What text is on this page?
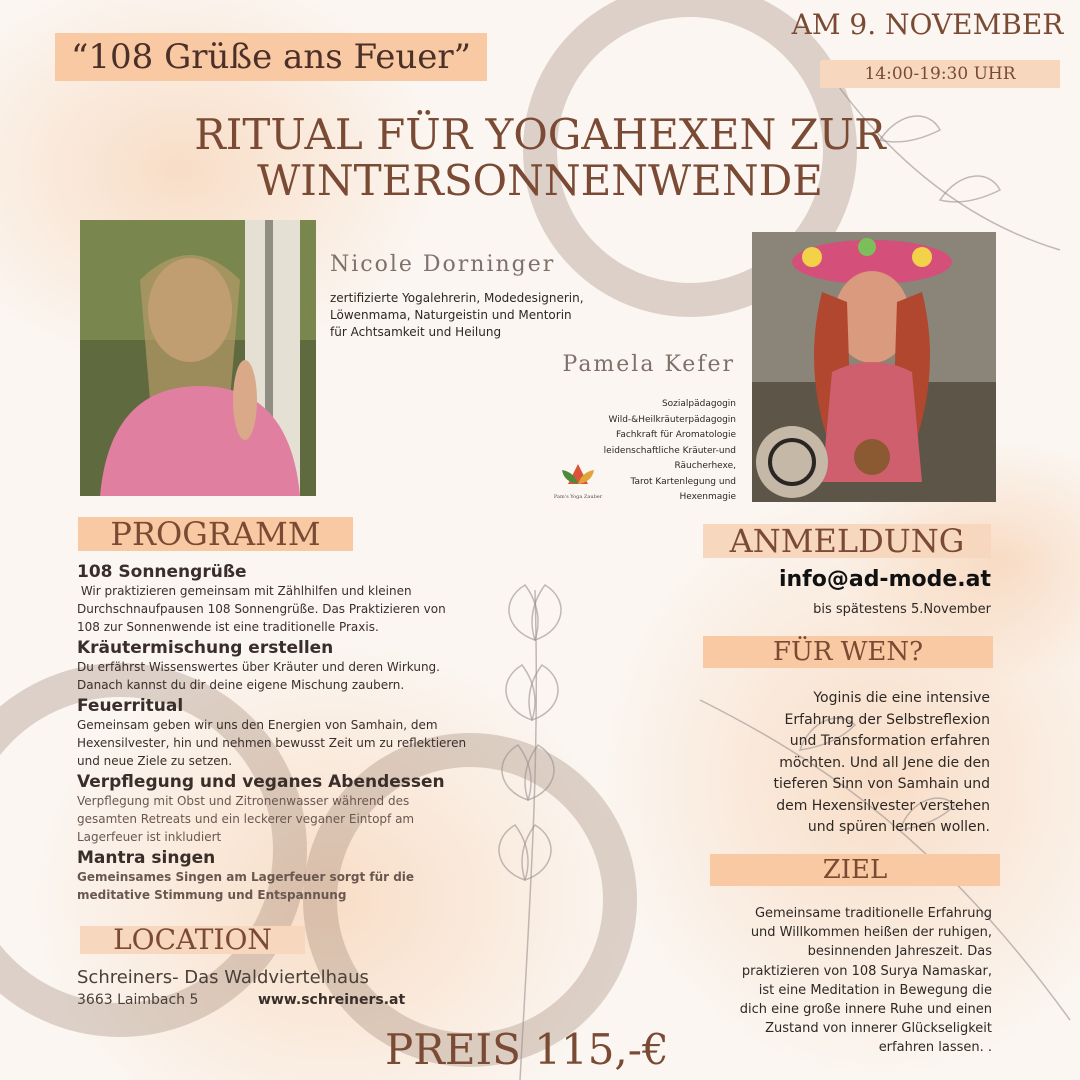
“108 Grüße ans Feuer”
AM 9. NOVEMBER
14:00-19:30 UHR
RITUAL FÜR YOGAHEXEN ZUR
WINTERSONNENWENDE
Nicole Dorninger
zertifizierte Yogalehrerin, Modedesignerin,
Löwenmama, Naturgeistin und Mentorin
für Achtsamkeit und Heilung
Pamela Kefer
Sozialpädagogin
Wild-&Heilkräuterpädagogin
Fachkraft für Aromatologie
leidenschaftliche Kräuter-und
Räucherhexe,
Tarot Kartenlegung und
Hexenmagie
Pam's Yoga Zauber
PROGRAMM
108 Sonnengrüße
Wir praktizieren gemeinsam mit Zählhilfen und kleinen Durchschnaufpausen 108 Sonnengrüße. Das Praktizieren von 108 zur Sonnenwende ist eine traditionelle Praxis.
Kräutermischung erstellen
Du erfährst Wissenswertes über Kräuter und deren Wirkung. Danach kannst du dir deine eigene Mischung zaubern.
Feuerritual
Gemeinsam geben wir uns den Energien von Samhain, dem Hexensilvester, hin und nehmen bewusst Zeit um zu reflektieren und neue Ziele zu setzen.
Verpflegung und veganes Abendessen
Verpflegung mit Obst und Zitronenwasser während des gesamten Retreats und ein leckerer veganer Eintopf am Lagerfeuer ist inkludiert
Mantra singen
Gemeinsames Singen am Lagerfeuer sorgt für die meditative Stimmung und Entspannung
LOCATION
Schreiners- Das Waldviertelhaus
3663 Laimbach 5	www.schreiners.at
PREIS 115,-€
ANMELDUNG
info@ad-mode.at
bis spätestens 5.November
FÜR WEN?
Yoginis die eine intensive
Erfahrung der Selbstreflexion
und Transformation erfahren
möchten. Und all Jene die den
tieferen Sinn von Samhain und
dem Hexensilvester verstehen
und spüren lernen wollen.
ZIEL
Gemeinsame traditionelle Erfahrung
und Willkommen heißen der ruhigen,
besinnenden Jahreszeit. Das
praktizieren von 108 Surya Namaskar,
ist eine Meditation in Bewegung die
dich eine große innere Ruhe und einen
Zustand von innerer Glückseligkeit
erfahren lassen. .
